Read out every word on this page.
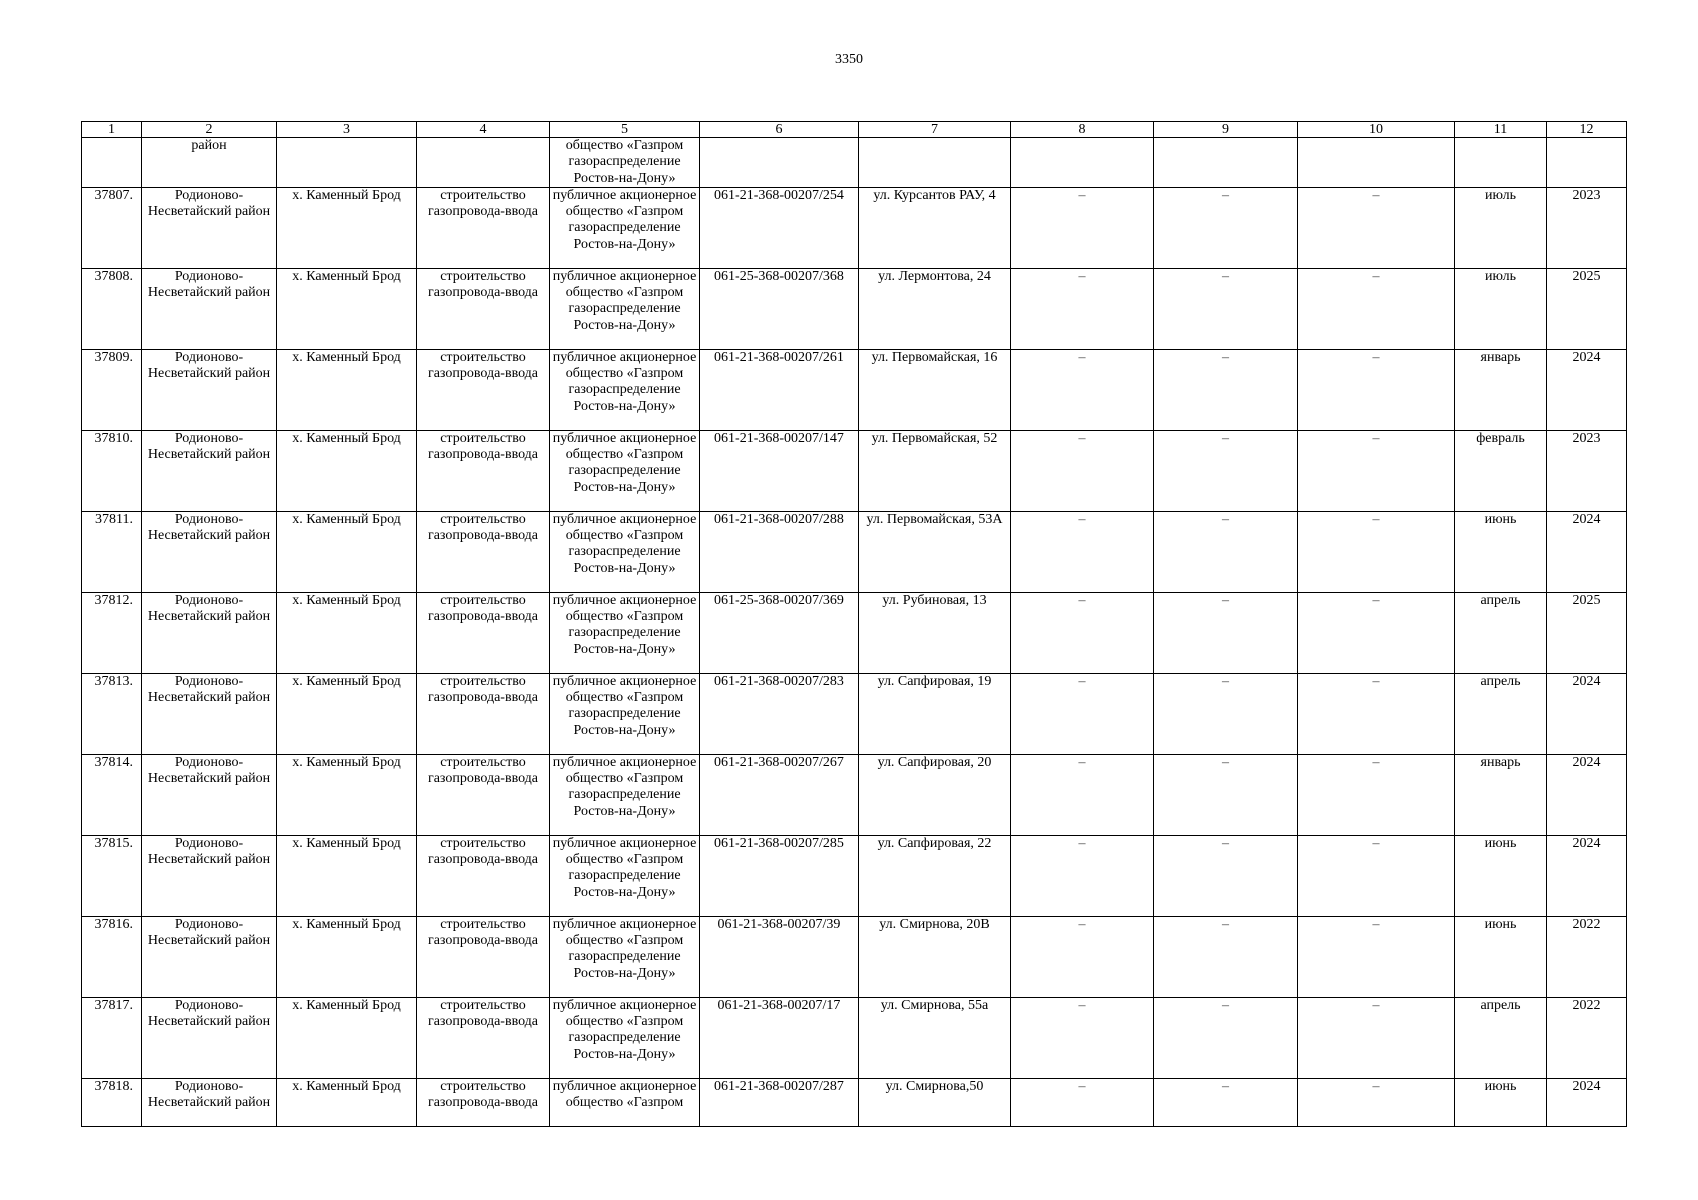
3350
1	2	3	4	5	6	7	8	9	10	11	12
	район			общество «Газпром газораспределение Ростов-на-Дону»							
37807.	Родионово-Несветайский район	х. Каменный Брод	строительство газопровода-ввода	публичное акционерное общество «Газпром газораспределение Ростов-на-Дону»	061-21-368-00207/254	ул. Курсантов РАУ, 4	–	–	–	июль	2023
37808.	Родионово-Несветайский район	х. Каменный Брод	строительство газопровода-ввода	публичное акционерное общество «Газпром газораспределение Ростов-на-Дону»	061-25-368-00207/368	ул. Лермонтова, 24	–	–	–	июль	2025
37809.	Родионово-Несветайский район	х. Каменный Брод	строительство газопровода-ввода	публичное акционерное общество «Газпром газораспределение Ростов-на-Дону»	061-21-368-00207/261	ул. Первомайская, 16	–	–	–	январь	2024
37810.	Родионово-Несветайский район	х. Каменный Брод	строительство газопровода-ввода	публичное акционерное общество «Газпром газораспределение Ростов-на-Дону»	061-21-368-00207/147	ул. Первомайская, 52	–	–	–	февраль	2023
37811.	Родионово-Несветайский район	х. Каменный Брод	строительство газопровода-ввода	публичное акционерное общество «Газпром газораспределение Ростов-на-Дону»	061-21-368-00207/288	ул. Первомайская, 53А	–	–	–	июнь	2024
37812.	Родионово-Несветайский район	х. Каменный Брод	строительство газопровода-ввода	публичное акционерное общество «Газпром газораспределение Ростов-на-Дону»	061-25-368-00207/369	ул. Рубиновая, 13	–	–	–	апрель	2025
37813.	Родионово-Несветайский район	х. Каменный Брод	строительство газопровода-ввода	публичное акционерное общество «Газпром газораспределение Ростов-на-Дону»	061-21-368-00207/283	ул. Сапфировая, 19	–	–	–	апрель	2024
37814.	Родионово-Несветайский район	х. Каменный Брод	строительство газопровода-ввода	публичное акционерное общество «Газпром газораспределение Ростов-на-Дону»	061-21-368-00207/267	ул. Сапфировая, 20	–	–	–	январь	2024
37815.	Родионово-Несветайский район	х. Каменный Брод	строительство газопровода-ввода	публичное акционерное общество «Газпром газораспределение Ростов-на-Дону»	061-21-368-00207/285	ул. Сапфировая, 22	–	–	–	июнь	2024
37816.	Родионово-Несветайский район	х. Каменный Брод	строительство газопровода-ввода	публичное акционерное общество «Газпром газораспределение Ростов-на-Дону»	061-21-368-00207/39	ул. Смирнова, 20В	–	–	–	июнь	2022
37817.	Родионово-Несветайский район	х. Каменный Брод	строительство газопровода-ввода	публичное акционерное общество «Газпром газораспределение Ростов-на-Дону»	061-21-368-00207/17	ул. Смирнова, 55а	–	–	–	апрель	2022
37818.	Родионово-Несветайский район	х. Каменный Брод	строительство газопровода-ввода	публичное акционерное общество «Газпром	061-21-368-00207/287	ул. Смирнова,50	–	–	–	июнь	2024
